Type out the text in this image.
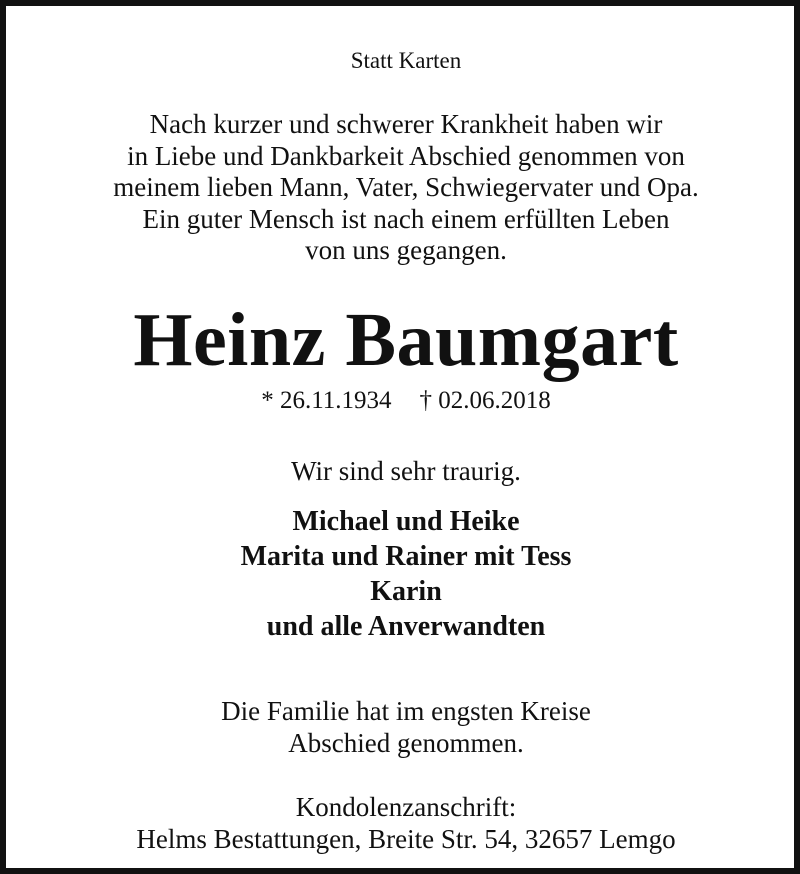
Statt Karten
Nach kurzer und schwerer Krankheit haben wir
in Liebe und Dankbarkeit Abschied genommen von
meinem lieben Mann, Vater, Schwiegervater und Opa.
Ein guter Mensch ist nach einem erfüllten Leben
von uns gegangen.
Heinz Baumgart
* 26.11.1934 † 02.06.2018
Wir sind sehr traurig.
Michael und Heike
Marita und Rainer mit Tess
Karin
und alle Anverwandten
Die Familie hat im engsten Kreise
Abschied genommen.
Kondolenzanschrift:
Helms Bestattungen, Breite Str. 54, 32657 Lemgo
